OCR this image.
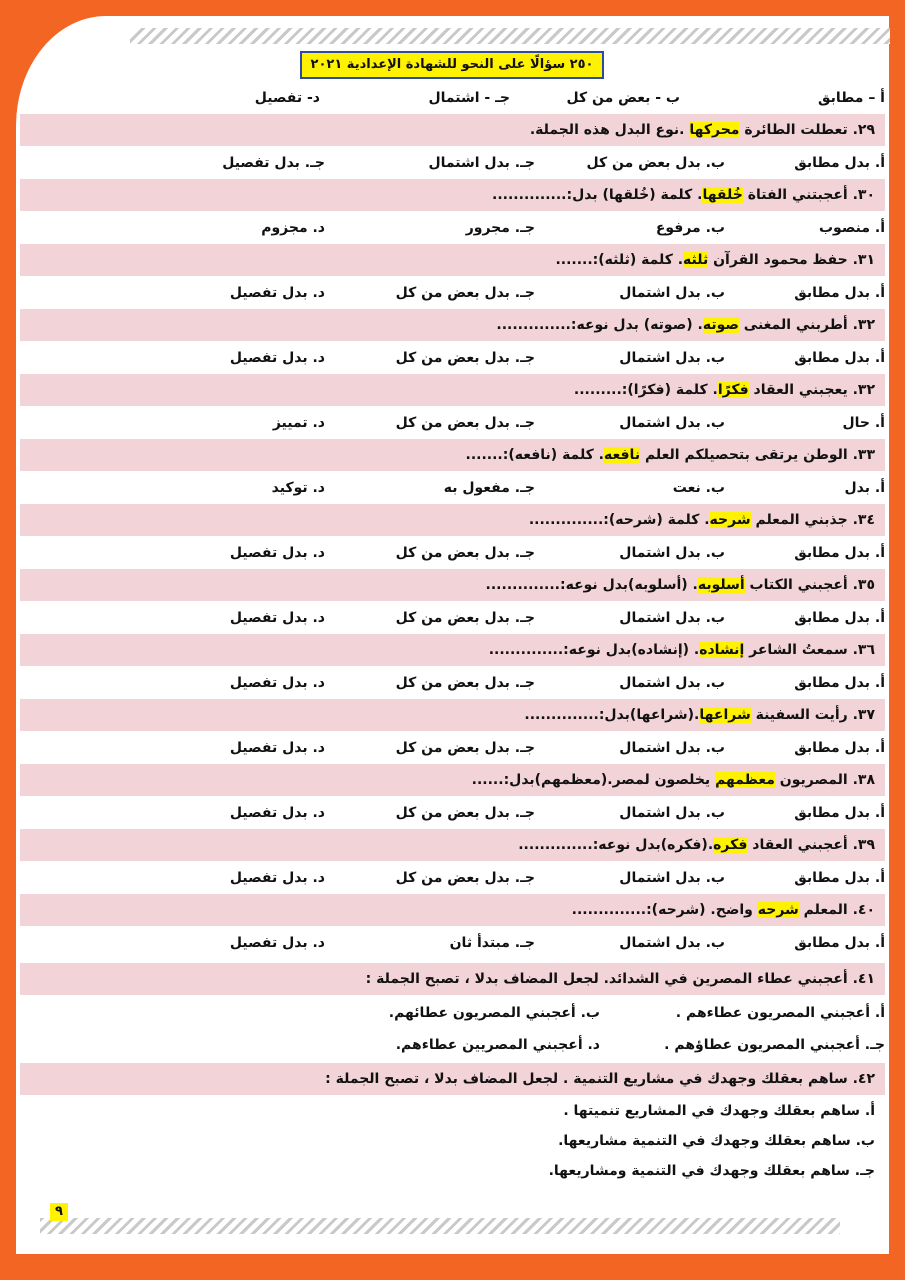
٢٥٠ سؤالًا على النحو للشهادة الإعدادية ٢٠٢١
أ – مطابق
ب - بعض من كل
جـ - اشتمال
د- تفصيل
٢٩. تعطلت الطائرة محركها .نوع البدل هذه الجملة.
أ. بدل مطابق
ب. بدل بعض من كل
جـ. بدل اشتمال
جـ. بدل تفصيل
٣٠. أعجبتني الفتاة خُلقها. كلمة (خُلقها) بدل:..............
أ. منصوب
ب. مرفوع
جـ. مجرور
د. مجزوم
٣١. حفظ محمود القرآن ثلثه. كلمة (ثلثه):.......
أ. بدل مطابق
ب. بدل اشتمال
جـ. بدل بعض من كل
د. بدل تفصيل
٣٢. أطربني المغنى صوته. (صوته) بدل نوعه:..............
أ. بدل مطابق
ب. بدل اشتمال
جـ. بدل بعض من كل
د. بدل تفصيل
٣٢. يعجبني العقاد فكرًا. كلمة (فكرًا):.........
أ. حال
ب. بدل اشتمال
جـ. بدل بعض من كل
د. تمييز
٣٣. الوطن يرتقى بتحصيلكم العلم نافعه. كلمة (نافعه):.......
أ. بدل
ب. نعت
جـ. مفعول به
د. توكيد
٣٤. جذبني المعلم شرحه. كلمة (شرحه):..............
أ. بدل مطابق
ب. بدل اشتمال
جـ. بدل بعض من كل
د. بدل تفصيل
٣٥. أعجبني الكتاب أسلوبه. (أسلوبه)بدل نوعه:..............
أ. بدل مطابق
ب. بدل اشتمال
جـ. بدل بعض من كل
د. بدل تفصيل
٣٦. سمعتُ الشاعر إنشاده. (إنشاده)بدل نوعه:..............
أ. بدل مطابق
ب. بدل اشتمال
جـ. بدل بعض من كل
د. بدل تفصيل
٣٧. رأيت السفينة شراعها.(شراعها)بدل:..............
أ. بدل مطابق
ب. بدل اشتمال
جـ. بدل بعض من كل
د. بدل تفصيل
٣٨. المصريون معظمهم يخلصون لمصر.(معظمهم)بدل:......
أ. بدل مطابق
ب. بدل اشتمال
جـ. بدل بعض من كل
د. بدل تفصيل
٣٩. أعجبني العقاد فكره.(فكره)بدل نوعه:..............
أ. بدل مطابق
ب. بدل اشتمال
جـ. بدل بعض من كل
د. بدل تفصيل
٤٠. المعلم شرحه واضح. (شرحه):..............
أ. بدل مطابق
ب. بدل اشتمال
جـ. مبتدأ ثان
د. بدل تفصيل
٤١. أعجبني عطاء المصرين في الشدائد. لجعل المضاف بدلا ، تصبح الجملة :
أ. أعجبني المصريون عطاءهم .
ب. أعجبني المصريون عطائهم.
جـ. أعجبني المصريون عطاؤهم .
د. أعجبني المصريين عطاءهم.
٤٢. ساهم بعقلك وجهدك في مشاريع التنمية . لجعل المضاف بدلا ، تصبح الجملة :
أ. ساهم بعقلك وجهدك في المشاريع تنميتها .
ب. ساهم بعقلك وجهدك في التنمية مشاريعها.
جـ. ساهم بعقلك وجهدك في التنمية ومشاريعها.
٩
